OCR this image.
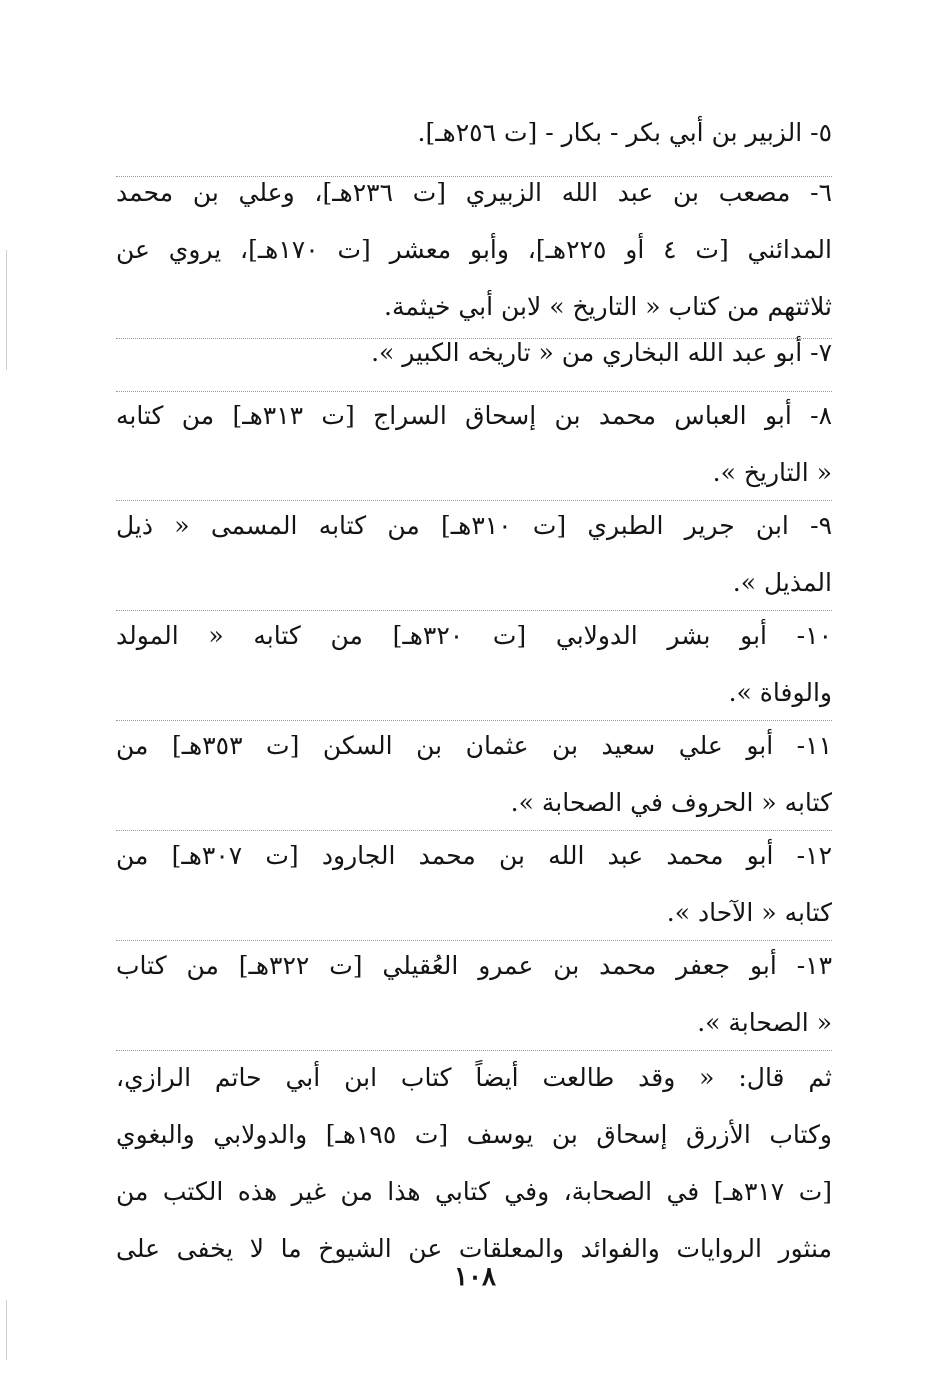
٥- الزبير بن أبي بكر - بكار - [ت ٢٥٦هـ].
٦- مصعب بن عبد الله الزبيري [ت ٢٣٦هـ]، وعلي بن محمد
المدائني [ت ٤ أو ٢٢٥هـ]، وأبو معشر [ت ١٧٠هـ]، يروي عن
ثلاثتهم من كتاب « التاريخ » لابن أبي خيثمة.
٧- أبو عبد الله البخاري من « تاريخه الكبير ».
٨- أبو العباس محمد بن إسحاق السراج [ت ٣١٣هـ] من كتابه
« التاريخ ».
٩- ابن جرير الطبري [ت ٣١٠هـ] من كتابه المسمى « ذيل
المذيل ».
١٠- أبو بشر الدولابي [ت ٣٢٠هـ] من كتابه « المولد
والوفاة ».
١١- أبو علي سعيد بن عثمان بن السكن [ت ٣٥٣هـ] من
كتابه « الحروف في الصحابة ».
١٢- أبو محمد عبد الله بن محمد الجارود [ت ٣٠٧هـ] من
كتابه « الآحاد ».
١٣- أبو جعفر محمد بن عمرو العُقيلي [ت ٣٢٢هـ] من كتاب
« الصحابة ».
ثم قال: « وقد طالعت أيضاً كتاب ابن أبي حاتم الرازي،
وكتاب الأزرق إسحاق بن يوسف [ت ١٩٥هـ] والدولابي والبغوي
[ت ٣١٧هـ] في الصحابة، وفي كتابي هذا من غير هذه الكتب من
منثور الروايات والفوائد والمعلقات عن الشيوخ ما لا يخفى على
١٠٨
